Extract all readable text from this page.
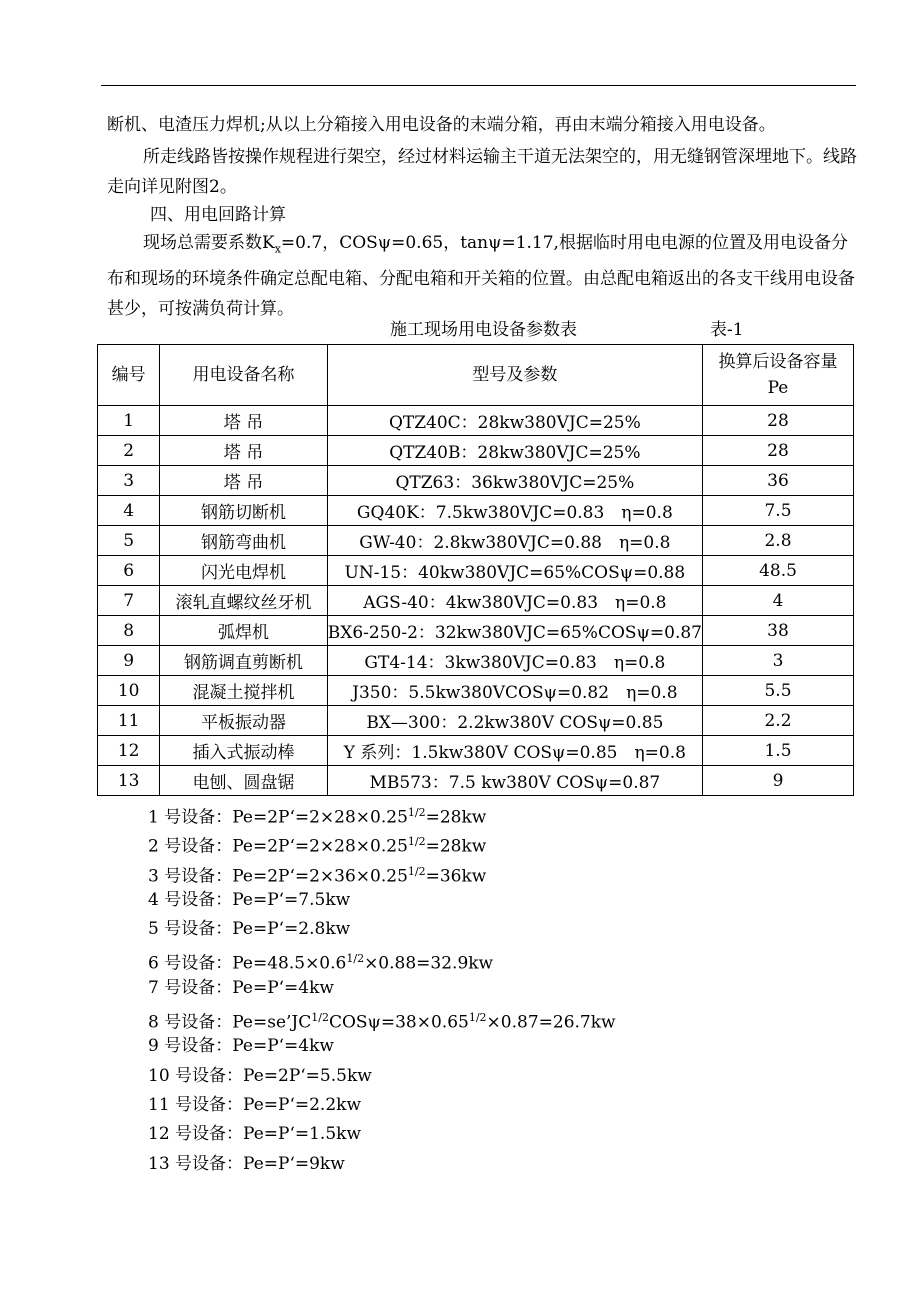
断机、电渣压力焊机;从以上分箱接入用电设备的末端分箱，再由末端分箱接入用电设备。

所走线路皆按操作规程进行架空，经过材料运输主干道无法架空的，用无缝钢管深埋地下。线路走向详见附图2。

四、用电回路计算

现场总需要系数$K_x=0.7$，COSψ=0.65，tanψ=1.17,根据临时用电电源的位置及用电设备分布和现场的环境条件确定总配电箱、分配电箱和开关箱的位置。由总配电箱返出的各支干线用电设备甚少，可按满负荷计算。

施工现场用电设备参数表	表-1
编号	用电设备名称	型号及参数	换算后设备容量
Pe
1	塔 吊	QTZ40C：28kw380VJC=25%	28
2	塔 吊	QTZ40B：28kw380VJC=25%	28
3	塔 吊	QTZ63：36kw380VJC=25%	36
4	钢筋切断机	GQ40K：7.5kw380VJC=0.83　η=0.8	7.5
5	钢筋弯曲机	GW-40：2.8kw380VJC=0.88　η=0.8	2.8
6	闪光电焊机	UN-15：40kw380VJC=65%COSψ=0.88	48.5
7	滚轧直螺纹丝牙机	AGS-40：4kw380VJC=0.83　η=0.8	4
8	弧焊机	BX6-250-2：32kw380VJC=65%COSψ=0.87	38
9	钢筋调直剪断机	GT4-14：3kw380VJC=0.83　η=0.8	3
10	混凝土搅拌机	J350：5.5kw380VCOSψ=0.82　η=0.8	5.5
11	平板振动器	BX—300：2.2kw380V COSψ=0.85	2.2
12	插入式振动棒	Y 系列：1.5kw380V COSψ=0.85　η=0.8	1.5
13	电刨、圆盘锯	MB573：7.5 kw380V COSψ=0.87	9
1 号设备：$Pe=2P‘=2\times 28\times 0.25^{1/2}=28kw$
2 号设备：$Pe=2P‘=2\times 28\times 0.25^{1/2}=28kw$
3 号设备：$Pe=2P‘=2\times 36\times 0.25^{1/2}=36kw$
4 号设备：Pe=P‘=7.5kw
5 号设备：Pe=P‘=2.8kw
6 号设备：$Pe=48.5\times 0.6^{1/2}\times 0.88=32.9kw$
7 号设备：Pe=P‘=4kw
8 号设备：$Pe=se’JC^{1/2}COS\psi=38\times 0.65^{1/2}\times 0.87=26.7kw$
9 号设备：Pe=P‘=4kw
10 号设备：Pe=2P‘=5.5kw
11 号设备：Pe=P‘=2.2kw
12 号设备：Pe=P‘=1.5kw
13 号设备：Pe=P‘=9kw
